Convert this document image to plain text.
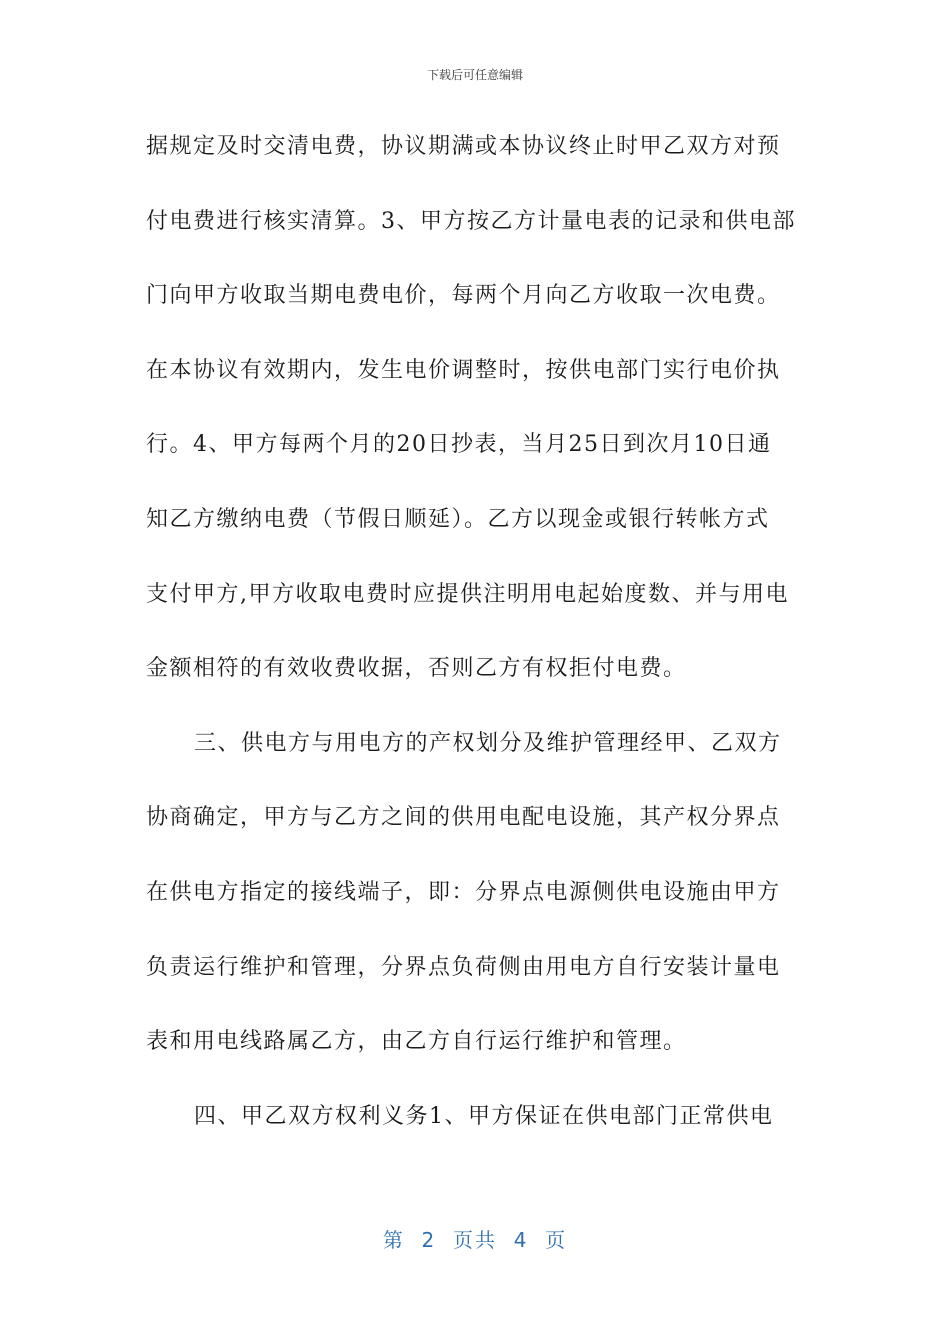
下载后可任意编辑
据规定及时交清电费，协议期满或本协议终止时甲乙双方对预
付电费进行核实清算。3、甲方按乙方计量电表的记录和供电部
门向甲方收取当期电费电价，每两个月向乙方收取一次电费。
在本协议有效期内，发生电价调整时，按供电部门实行电价执
行。4、甲方每两个月的20日抄表，当月25日到次月10日通
知乙方缴纳电费（节假日顺延）。乙方以现金或银行转帐方式
支付甲方,甲方收取电费时应提供注明用电起始度数、并与用电
金额相符的有效收费收据，否则乙方有权拒付电费。
三、供电方与用电方的产权划分及维护管理经甲、乙双方
协商确定，甲方与乙方之间的供用电配电设施，其产权分界点
在供电方指定的接线端子，即：分界点电源侧供电设施由甲方
负责运行维护和管理，分界点负荷侧由用电方自行安装计量电
表和用电线路属乙方，由乙方自行运行维护和管理。
四、甲乙双方权利义务1、甲方保证在供电部门正常供电
第  2  页共  4  页
